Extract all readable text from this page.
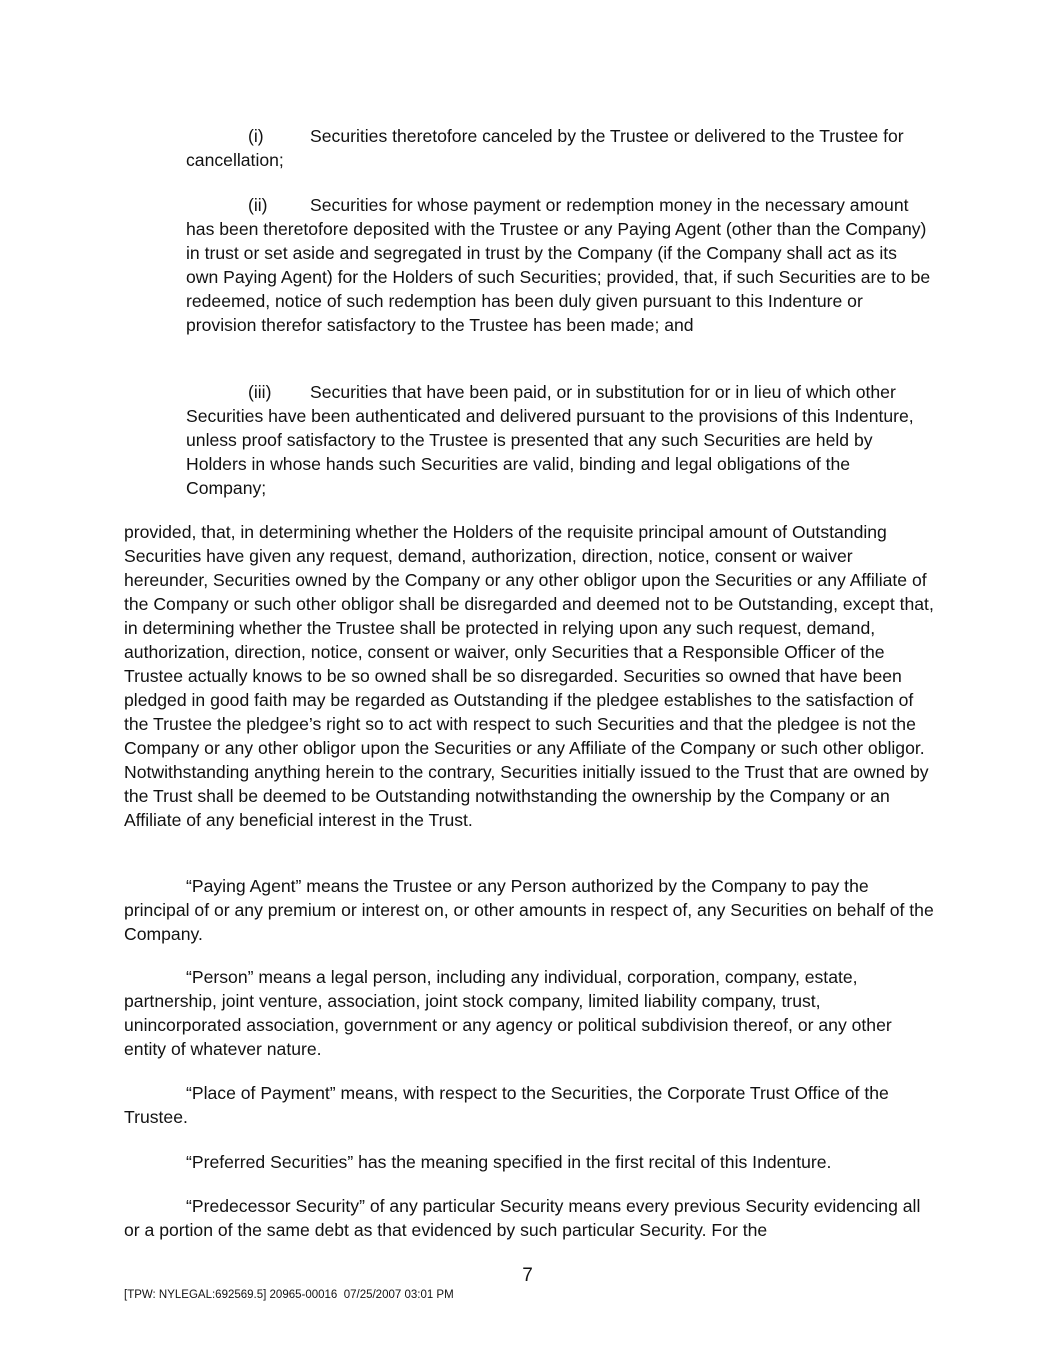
(i)	Securities theretofore canceled by the Trustee or delivered to the Trustee for cancellation;

(ii) Securities for whose payment or redemption money in the necessary amount has been theretofore deposited with the Trustee or any Paying Agent (other than the Company) in trust or set aside and segregated in trust by the Company (if the Company shall act as its own Paying Agent) for the Holders of such Securities; provided, that, if such Securities are to be redeemed, notice of such redemption has been duly given pursuant to this Indenture or provision therefor satisfactory to the Trustee has been made; and

(iii) Securities that have been paid, or in substitution for or in lieu of which other Securities have been authenticated and delivered pursuant to the provisions of this Indenture, unless proof satisfactory to the Trustee is presented that any such Securities are held by Holders in whose hands such Securities are valid, binding and legal obligations of the Company;

provided, that, in determining whether the Holders of the requisite principal amount of Outstanding Securities have given any request, demand, authorization, direction, notice, consent or waiver hereunder, Securities owned by the Company or any other obligor upon the Securities or any Affiliate of the Company or such other obligor shall be disregarded and deemed not to be Outstanding, except that, in determining whether the Trustee shall be protected in relying upon any such request, demand, authorization, direction, notice, consent or waiver, only Securities that a Responsible Officer of the Trustee actually knows to be so owned shall be so disregarded. Securities so owned that have been pledged in good faith may be regarded as Outstanding if the pledgee establishes to the satisfaction of the Trustee the pledgee’s right so to act with respect to such Securities and that the pledgee is not the Company or any other obligor upon the Securities or any Affiliate of the Company or such other obligor. Notwithstanding anything herein to the contrary, Securities initially issued to the Trust that are owned by the Trust shall be deemed to be Outstanding notwithstanding the ownership by the Company or an Affiliate of any beneficial interest in the Trust.

“Paying Agent” means the Trustee or any Person authorized by the Company to pay the principal of or any premium or interest on, or other amounts in respect of, any Securities on behalf of the Company.

“Person” means a legal person, including any individual, corporation, company, estate, partnership, joint venture, association, joint stock company, limited liability company, trust, unincorporated association, government or any agency or political subdivision thereof, or any other entity of whatever nature.

“Place of Payment” means, with respect to the Securities, the Corporate Trust Office of the Trustee.

“Preferred Securities” has the meaning specified in the first recital of this Indenture.

“Predecessor Security” of any particular Security means every previous Security evidencing all or a portion of the same debt as that evidenced by such particular Security. For the

7
[TPW: NYLEGAL:692569.5] 20965-00016  07/25/2007 03:01 PM
